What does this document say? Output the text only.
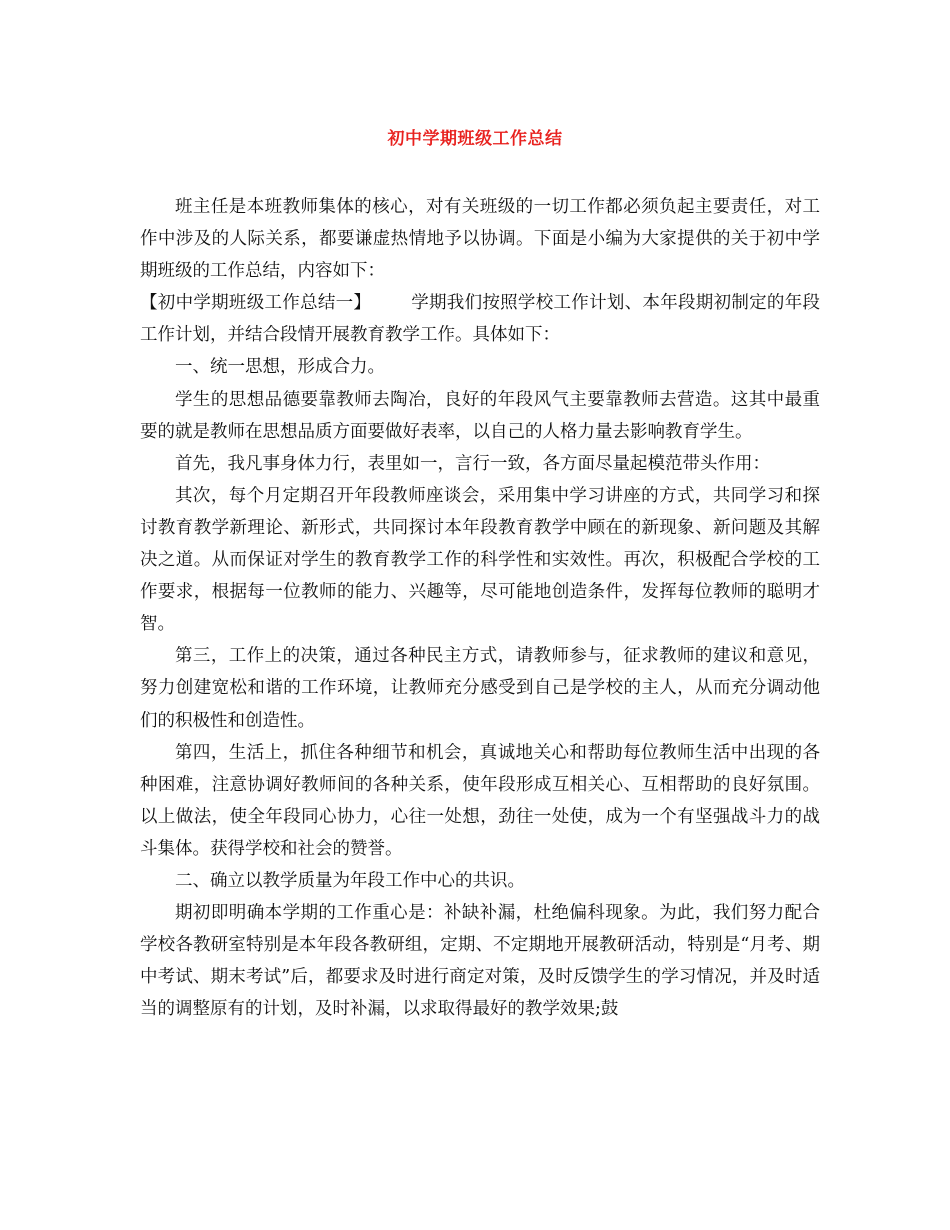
初中学期班级工作总结

班主任是本班教师集体的核心，对有关班级的一切工作都必须负起主要责任，对工作中涉及的人际关系，都要谦虚热情地予以协调。下面是小编为大家提供的关于初中学期班级的工作总结，内容如下：

【初中学期班级工作总结一】 学期我们按照学校工作计划、本年段期初制定的年段工作计划，并结合段情开展教育教学工作。具体如下：

一、统一思想，形成合力。

学生的思想品德要靠教师去陶冶，良好的年段风气主要靠教师去营造。这其中最重要的就是教师在思想品质方面要做好表率，以自己的人格力量去影响教育学生。

首先，我凡事身体力行，表里如一，言行一致，各方面尽量起模范带头作用：

其次，每个月定期召开年段教师座谈会，采用集中学习讲座的方式，共同学习和探讨教育教学新理论、新形式，共同探讨本年段教育教学中顾在的新现象、新问题及其解决之道。从而保证对学生的教育教学工作的科学性和实效性。再次，积极配合学校的工作要求，根据每一位教师的能力、兴趣等，尽可能地创造条件，发挥每位教师的聪明才智。

第三，工作上的决策，通过各种民主方式，请教师参与，征求教师的建议和意见，努力创建宽松和谐的工作环境，让教师充分感受到自己是学校的主人，从而充分调动他们的积极性和创造性。

第四，生活上，抓住各种细节和机会，真诚地关心和帮助每位教师生活中出现的各种困难，注意协调好教师间的各种关系，使年段形成互相关心、互相帮助的良好氛围。以上做法，使全年段同心协力，心往一处想，劲往一处使，成为一个有坚强战斗力的战斗集体。获得学校和社会的赞誉。

二、确立以教学质量为年段工作中心的共识。

期初即明确本学期的工作重心是：补缺补漏，杜绝偏科现象。为此，我们努力配合学校各教研室特别是本年段各教研组，定期、不定期地开展教研活动，特别是“月考、期中考试、期末考试”后，都要求及时进行商定对策，及时反馈学生的学习情况，并及时适当的调整原有的计划，及时补漏，以求取得最好的教学效果;鼓
